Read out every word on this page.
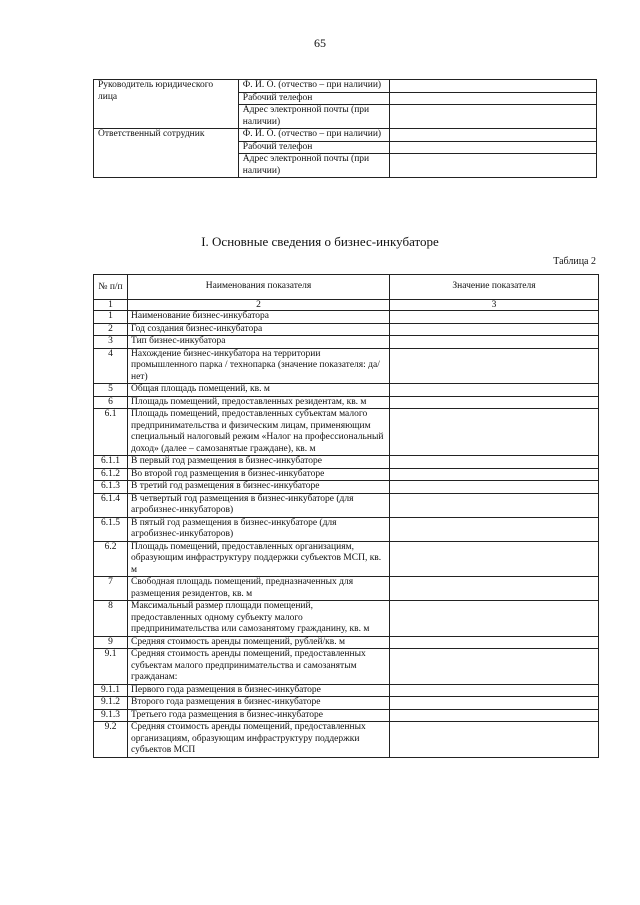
65
Руководитель юридического лица	Ф. И. О. (отчество – при наличии)	
	Рабочий телефон	
	Адрес электронной почты (при наличии)	
Ответственный сотрудник	Ф. И. О. (отчество – при наличии)	
	Рабочий телефон	
	Адрес электронной почты (при наличии)	
I. Основные сведения о бизнес-инкубаторе
Таблица 2
№ п/п	Наименования показателя	Значение показателя
1	2	3
1	Наименование бизнес-инкубатора	
2	Год создания бизнес-инкубатора	
3	Тип бизнес-инкубатора	
4	Нахождение бизнес-инкубатора на территории промышленного парка / технопарка (значение показателя: да/нет)	
5	Общая площадь помещений, кв. м	
6	Площадь помещений, предоставленных резидентам, кв. м	
6.1	Площадь помещений, предоставленных субъектам малого предпринимательства и физическим лицам, применяющим специальный налоговый режим «Налог на профессиональный доход» (далее – самозанятые граждане), кв. м	
6.1.1	В первый год размещения в бизнес-инкубаторе	
6.1.2	Во второй год размещения в бизнес-инкубаторе	
6.1.3	В третий год размещения в бизнес-инкубаторе	
6.1.4	В четвертый год размещения в бизнес-инкубаторе (для агробизнес-инкубаторов)	
6.1.5	В пятый год размещения в бизнес-инкубаторе (для агробизнес-инкубаторов)	
6.2	Площадь помещений, предоставленных организациям, образующим инфраструктуру поддержки субъектов МСП, кв. м	
7	Свободная площадь помещений, предназначенных для размещения резидентов, кв. м	
8	Максимальный размер площади помещений, предоставленных одному субъекту малого предпринимательства или самозанятому гражданину, кв. м	
9	Средняя стоимость аренды помещений, рублей/кв. м	
9.1	Средняя стоимость аренды помещений, предоставленных субъектам малого предпринимательства и самозанятым гражданам:	
9.1.1	Первого года размещения в бизнес-инкубаторе	
9.1.2	Второго года размещения в бизнес-инкубаторе	
9.1.3	Третьего года размещения в бизнес-инкубаторе	
9.2	Средняя стоимость аренды помещений, предоставленных организациям, образующим инфраструктуру поддержки субъектов МСП	
